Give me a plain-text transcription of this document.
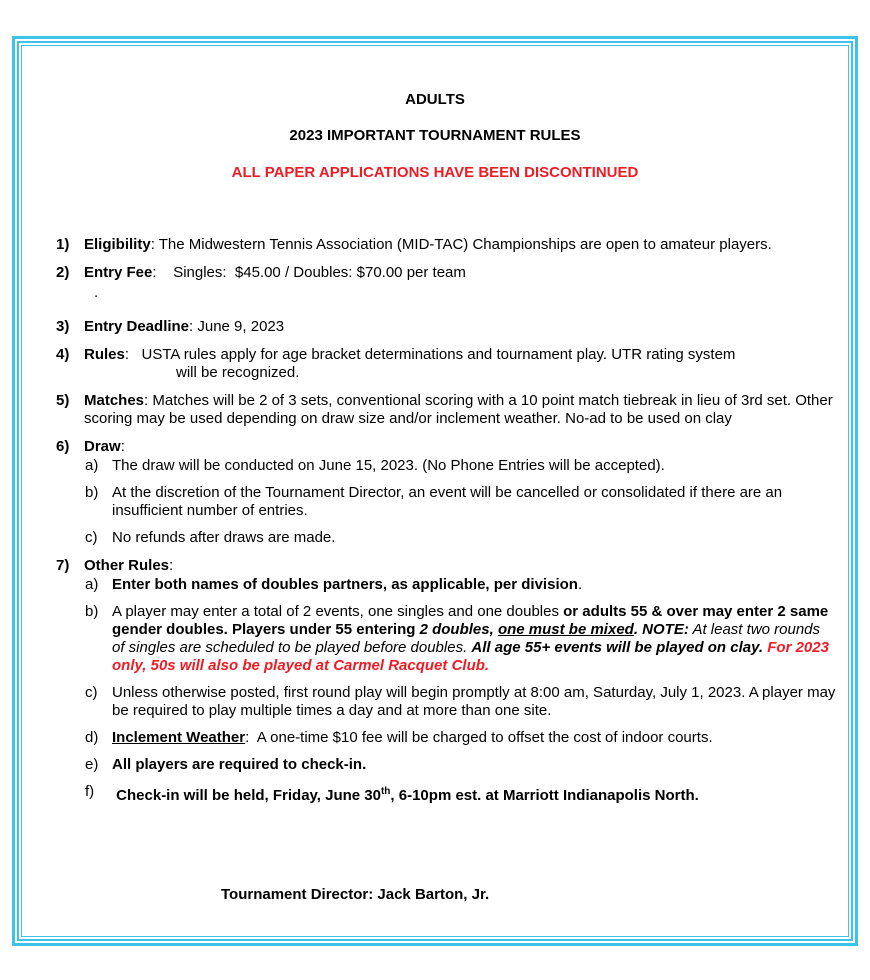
ADULTS
2023 IMPORTANT TOURNAMENT RULES
ALL PAPER APPLICATIONS HAVE BEEN DISCONTINUED
1) Eligibility: The Midwestern Tennis Association (MID-TAC) Championships are open to amateur players.
2) Entry Fee:    Singles:  $45.00 / Doubles: $70.00 per team
.
3) Entry Deadline: June 9, 2023
4) Rules:   USTA rules apply for age bracket determinations and tournament play. UTR rating system
will be recognized.
5) Matches: Matches will be 2 of 3 sets, conventional scoring with a 10 point match tiebreak in lieu of 3rd set. Other scoring may be used depending on draw size and/or inclement weather. No-ad to be used on clay
6) Draw:
a) The draw will be conducted on June 15, 2023. (No Phone Entries will be accepted).
b) At the discretion of the Tournament Director, an event will be cancelled or consolidated if there are an insufficient number of entries.
c) No refunds after draws are made.
7) Other Rules:
a) Enter both names of doubles partners, as applicable, per division.
b) A player may enter a total of 2 events, one singles and one doubles or adults 55 & over may enter 2 same gender doubles. Players under 55 entering 2 doubles, one must be mixed. NOTE: At least two rounds of singles are scheduled to be played before doubles. All age 55+ events will be played on clay. For 2023 only, 50s will also be played at Carmel Racquet Club.
c) Unless otherwise posted, first round play will begin promptly at 8:00 am, Saturday, July 1, 2023. A player may be required to play multiple times a day and at more than one site.
d) Inclement Weather:  A one-time $10 fee will be charged to offset the cost of indoor courts.
e) All players are required to check-in.
f) Check-in will be held, Friday, June 30th, 6-10pm est. at Marriott Indianapolis North.
Tournament Director: Jack Barton, Jr.
